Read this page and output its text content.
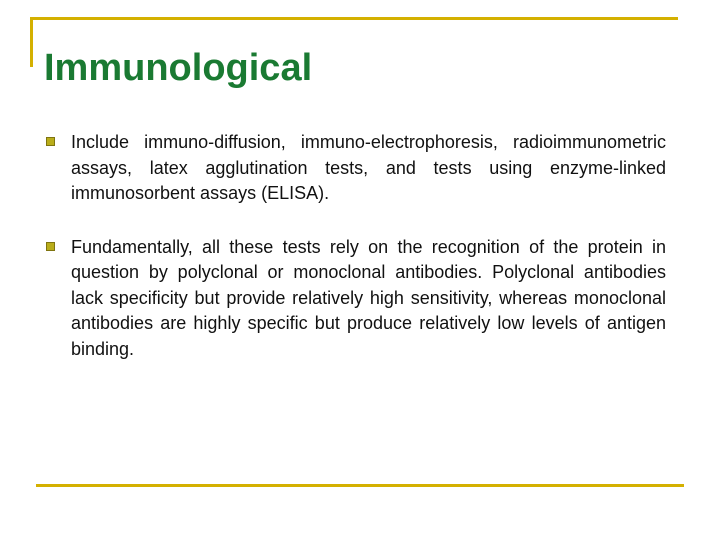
Immunological
Include immuno-diffusion, immuno-electrophoresis, radioimmunometric assays, latex agglutination tests, and tests using enzyme-linked immunosorbent assays (ELISA).
Fundamentally, all these tests rely on the recognition of the protein in question by polyclonal or monoclonal antibodies. Polyclonal antibodies lack specificity but provide relatively high sensitivity, whereas monoclonal antibodies are highly specific but produce relatively low levels of antigen binding.
